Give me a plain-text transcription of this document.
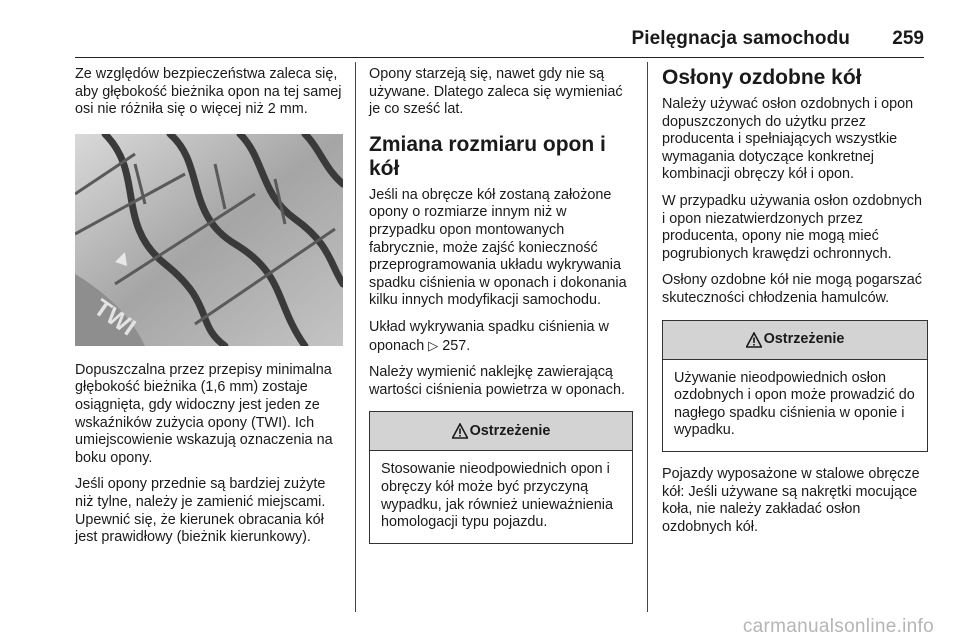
Pielęgnacja samochodu 259

Ze względów bezpieczeństwa zaleca się, aby głębokość bieżnika opon na tej samej osi nie różniła się o więcej niż 2 mm.

TWI

Dopuszczalna przez przepisy minimalna głębokość bieżnika (1,6 mm) zostaje osiągnięta, gdy widoczny jest jeden ze wskaźników zużycia opony (TWI). Ich umiejscowienie wskazują oznaczenia na boku opony.

Jeśli opony przednie są bardziej zużyte niż tylne, należy je zamienić miejscami. Upewnić się, że kierunek obracania kół jest prawidłowy (bieżnik kierunkowy).

Opony starzeją się, nawet gdy nie są używane. Dlatego zaleca się wymieniać je co sześć lat.

Zmiana rozmiaru opon i kół

Jeśli na obręcze kół zostaną założone opony o rozmiarze innym niż w przypadku opon montowanych fabrycznie, może zajść konieczność przeprogramowania układu wykrywania spadku ciśnienia w oponach i dokonania kilku innych modyfikacji samochodu.

Układ wykrywania spadku ciśnienia w oponach ▷ 257.

Należy wymienić naklejkę zawierającą wartości ciśnienia powietrza w oponach.

Ostrzeżenie
Stosowanie nieodpowiednich opon i obręczy kół może być przyczyną wypadku, jak również unieważnienia homologacji typu pojazdu.
Osłony ozdobne kół

Należy używać osłon ozdobnych i opon dopuszczonych do użytku przez producenta i spełniających wszystkie wymagania dotyczące konkretnej kombinacji obręczy kół i opon.

W przypadku używania osłon ozdobnych i opon niezatwierdzonych przez producenta, opony nie mogą mieć pogrubionych krawędzi ochronnych.

Osłony ozdobne kół nie mogą pogarszać skuteczności chłodzenia hamulców.

Ostrzeżenie
Używanie nieodpowiednich osłon ozdobnych i opon może prowadzić do nagłego spadku ciśnienia w oponie i wypadku.

Pojazdy wyposażone w stalowe obręcze kół: Jeśli używane są nakrętki mocujące koła, nie należy zakładać osłon ozdobnych kół.

carmanualsonline.info
